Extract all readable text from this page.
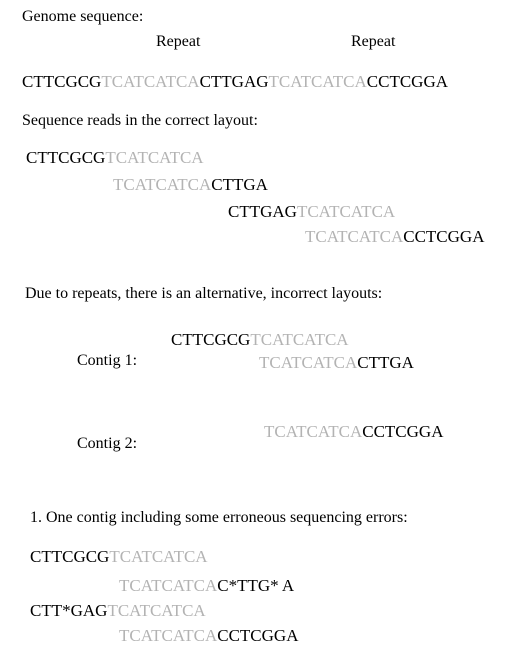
Genome sequence:
Repeat	Repeat
CTTCGCGTCATCATCACTTGAGTCATCATCACCTCGGA
Sequence reads in the correct layout:
CTTCGCGTCATCATCA
TCATCATCACTTGA
CTTGAGTCATCATCA
TCATCATCACCTCGGA
Due to repeats, there is an alternative, incorrect layouts:
CTTCGCGTCATCATCA
Contig 1:	TCATCATCACTTGA
TCATCATCACCTCGGA
Contig 2:
1. One contig including some erroneous sequencing errors:
CTTCGCGTCATCATCA
TCATCATCAC*TTG* A
CTT*GAGTCATCATCA
TCATCATCACCTCGGA
